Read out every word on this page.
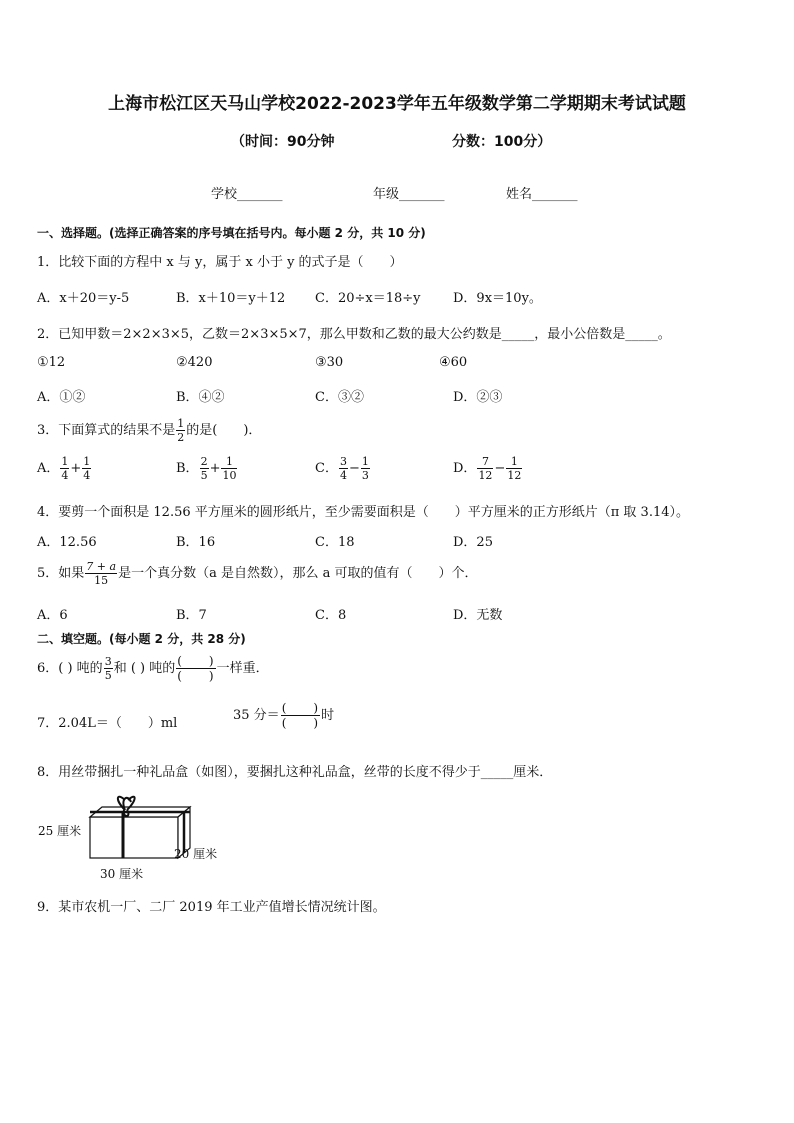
上海市松江区天马山学校2022-2023学年五年级数学第二学期期末考试试题
（时间：90分钟	分数：100分）
学校_______	年级_______	姓名_______
一、选择题。(选择正确答案的序号填在括号内。每小题 2 分，共 10 分)
1．比较下面的方程中 x 与 y，属于 x 小于 y 的式子是（　　）
A．x＋20＝y-5	B．x＋10＝y＋12 C．20÷x＝18÷y	D．9x＝10y。
2．已知甲数＝2×2×3×5，乙数＝2×3×5×7，那么甲数和乙数的最大公约数是_____，最小公倍数是_____。
①12	②420	③30	④60
A．①②	B．④②	C．③②	D．②③
3．下面算式的结果不是 $\frac{1}{2}$ 的是(　　)．
A． $\frac{1}{4} + \frac{1}{4}$	B． $\frac{2}{5} + \frac{1}{10}$	C． $\frac{3}{4} - \frac{1}{3}$	D． $\frac{7}{12} - \frac{1}{12}$
4．要剪一个面积是 12.56 平方厘米的圆形纸片，至少需要面积是（　　）平方厘米的正方形纸片（π 取 3.14）。
A．12.56	B．16	C．18	D．25
5．如果 $\frac{7 + a}{15}$ 是一个真分数（a 是自然数），那么 a 可取的值有（　　）个．
A．6	B．7	C．8	D．无数
二、填空题。(每小题 2 分，共 28 分)
6．( ) 吨的 $\frac{3}{5}$ 和 ( ) 吨的 $\frac{( )}{( )}$ 一样重．
7．2.04L＝（　　）ml
35 分＝ $\frac{( )}{( )}$ 时
8．用丝带捆扎一种礼品盒（如图），要捆扎这种礼品盒，丝带的长度不得少于_____厘米．
25 厘米
20 厘米
30 厘米
9．某市农机一厂、二厂 2019 年工业产值增长情况统计图。
